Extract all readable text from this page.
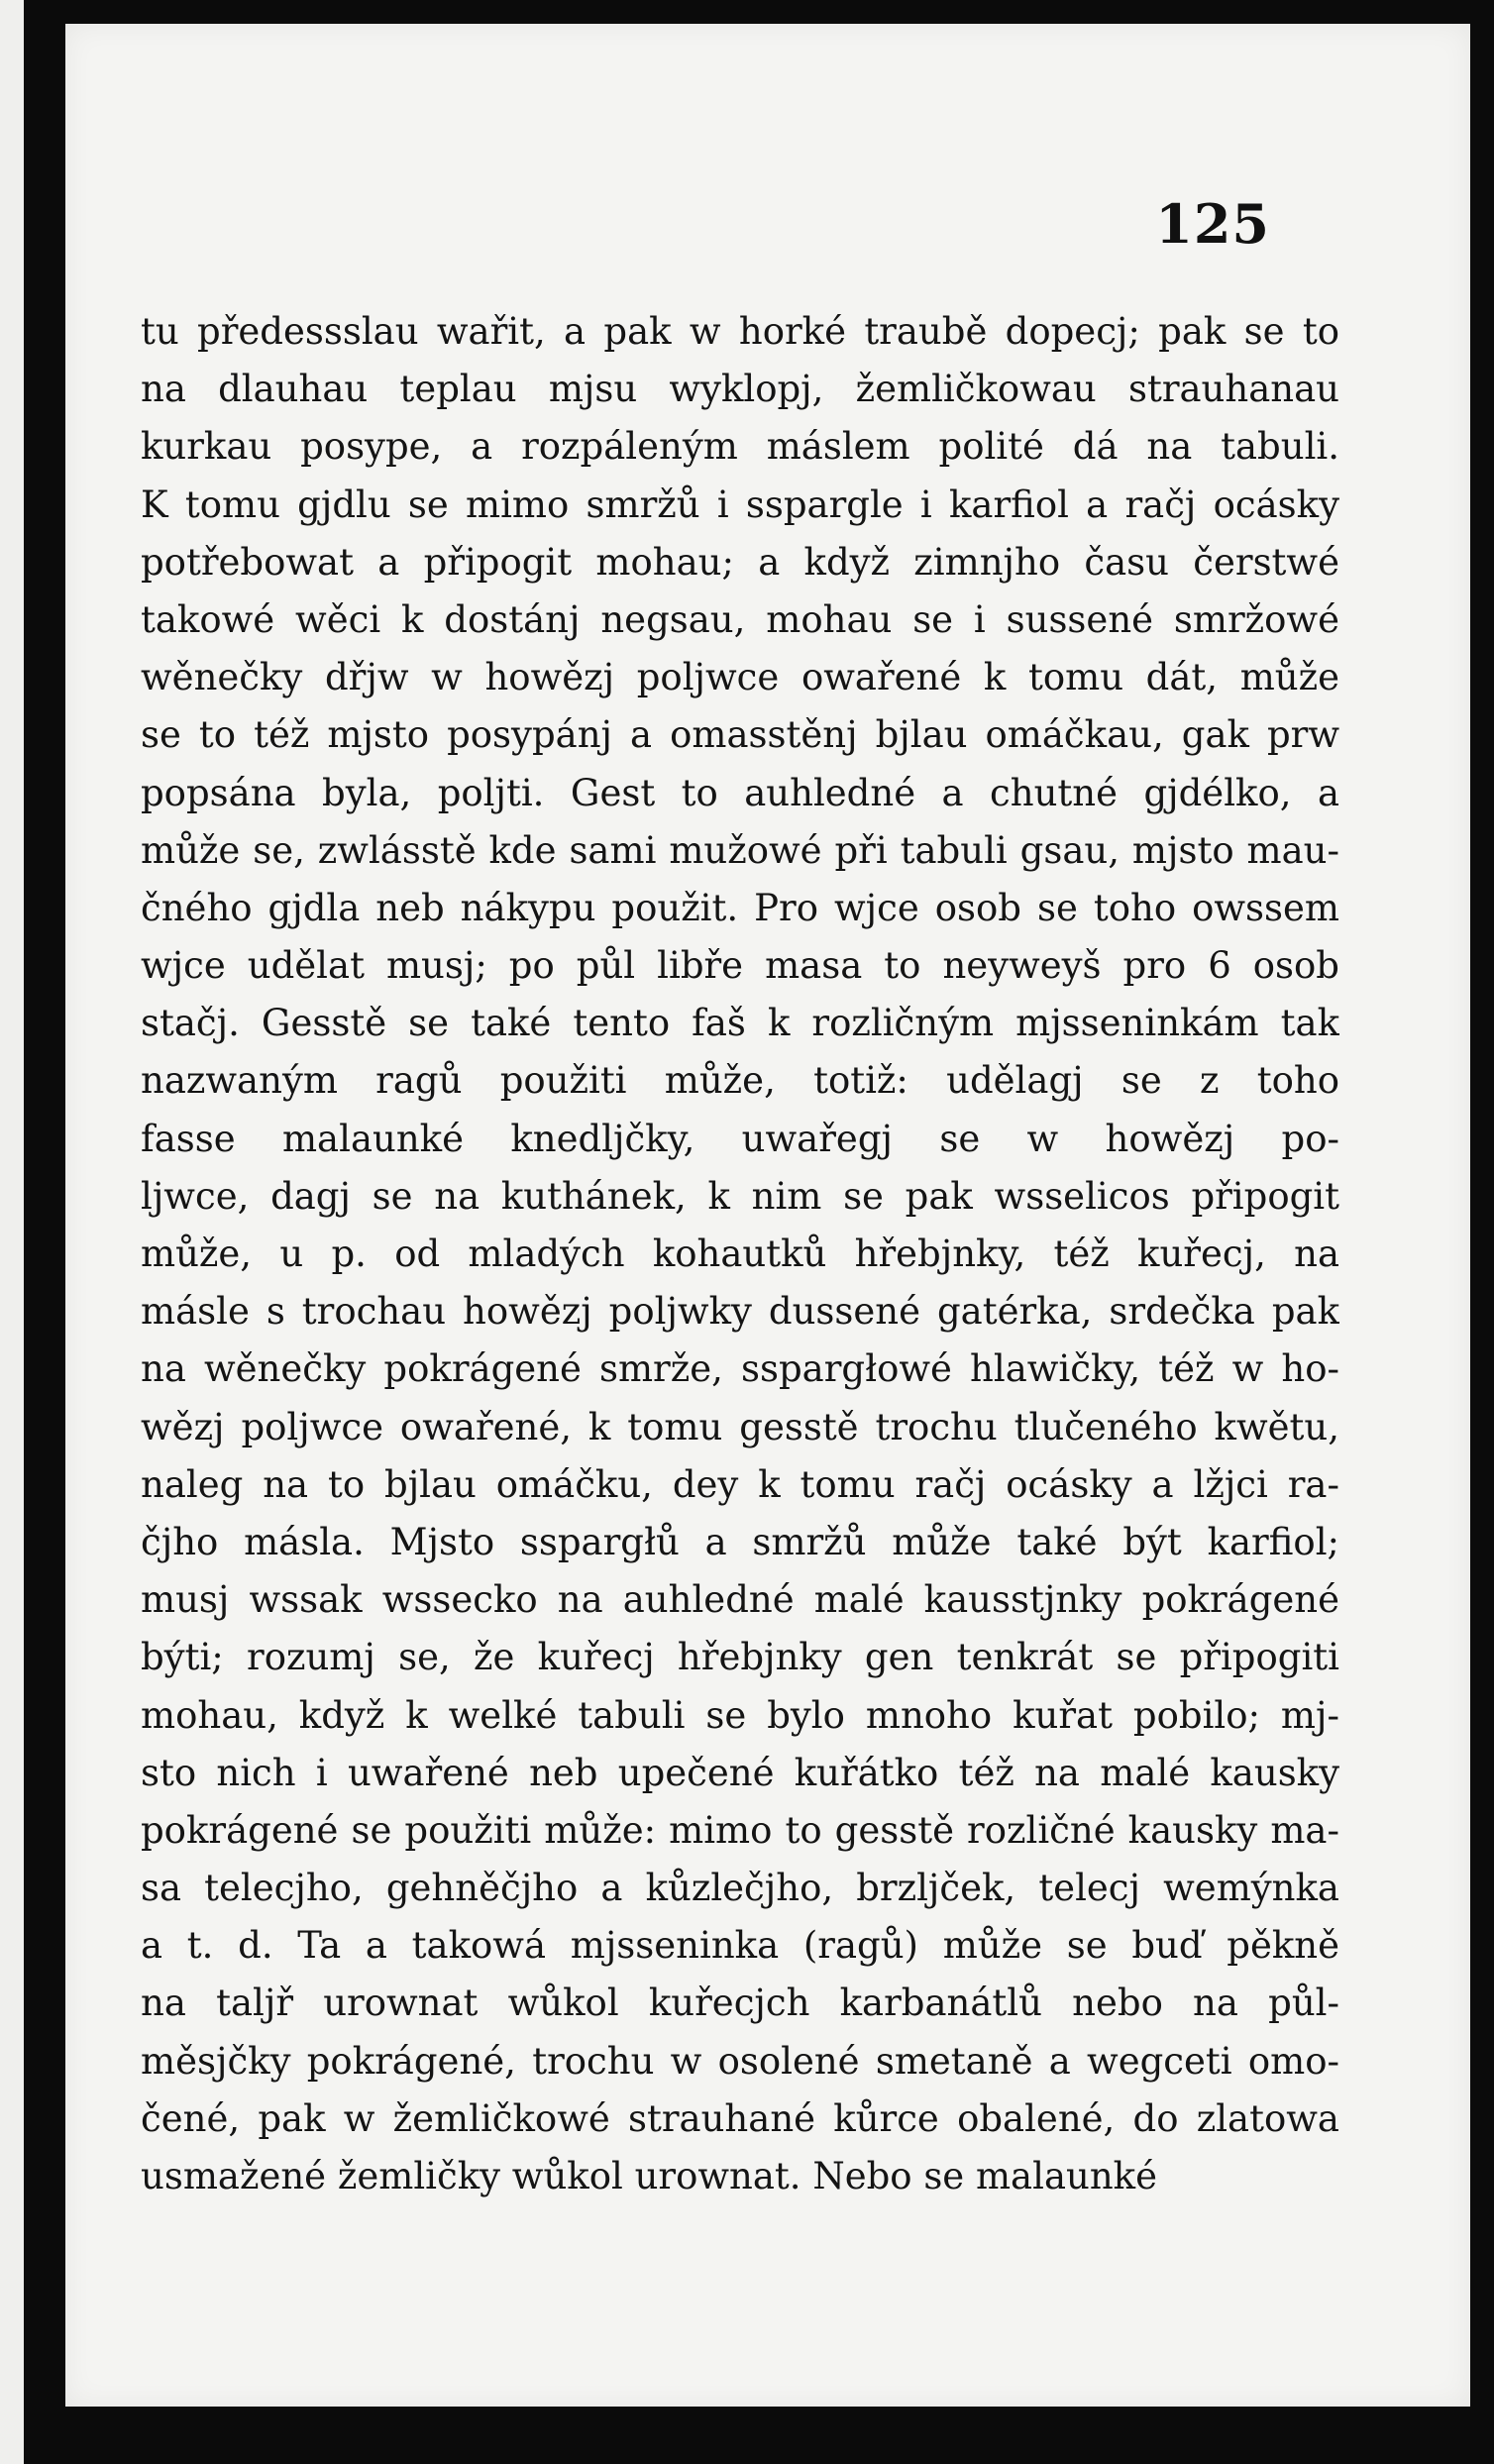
125
tu předessslau wařit, a pak w horké traubě dopecj; pak se to
na dlauhau teplau mjsu wyklopj, žemličkowau strauhanau
kurkau posype, a rozpáleným máslem polité dá na tabuli.
K tomu gjdlu se mimo smržů i sspargle i karfiol a račj ocásky
potřebowat a připogit mohau; a když zimnjho času čerstwé
takowé wěci k dostánj negsau, mohau se i sussené smržowé
wěnečky dřjw w howězj poljwce owařené k tomu dát, může
se to též mjsto posypánj a omasstěnj bjlau omáčkau, gak prw
popsána byla, poljti. Gest to auhledné a chutné gjdélko, a
může se, zwlásstě kde sami mužowé při tabuli gsau, mjsto mau-
čného gjdla neb nákypu použit. Pro wjce osob se toho owssem
wjce udělat musj; po půl libře masa to neyweyš pro 6 osob
stačj. Gesstě se také tento faš k rozličným mjsseninkám tak
nazwaným ragů použiti může, totiž: udělagj se z toho
fasse malaunké knedljčky, uwařegj se w howězj po-
ljwce, dagj se na kuthánek, k nim se pak wsselicos připogit
může, u p. od mladých kohautků hřebjnky, též kuřecj, na
másle s trochau howězj poljwky dussené gatérka, srdečka pak
na wěnečky pokrágené smrže, sspargłowé hlawičky, též w ho-
wězj poljwce owařené, k tomu gesstě trochu tlučeného kwětu,
naleg na to bjlau omáčku, dey k tomu račj ocásky a lžjci ra-
čjho másla. Mjsto sspargłů a smržů může také být karfiol;
musj wssak wsseckо na auhledné malé kausstjnky pokrágené
býti; rozumj se, že kuřecj hřebjnky gen tenkrát se připogiti
mohau, když k welké tabuli se bylo mnoho kuřat pobilo; mj-
sto nich i uwařené neb upečené kuřátko též na malé kausky
pokrágené se použiti může: mimo to gesstě rozličné kausky ma-
sa telecjho, gehněčjho a kůzlečjho, brzljček, telecj wemýnka
a t. d. Ta a takowá mjsseninka (ragů) může se buď pěkně
na talјř urownat wůkol kuřecjch karbanátlů nebo na půl-
měsjčky pokrágené, trochu w osolené smetaně a wegceti omo-
čené, pak w žemličkowé strauhané kůrce obalené, do zlatowa
usmažené žemličky wůkol urownat. Nebo se malaunké
